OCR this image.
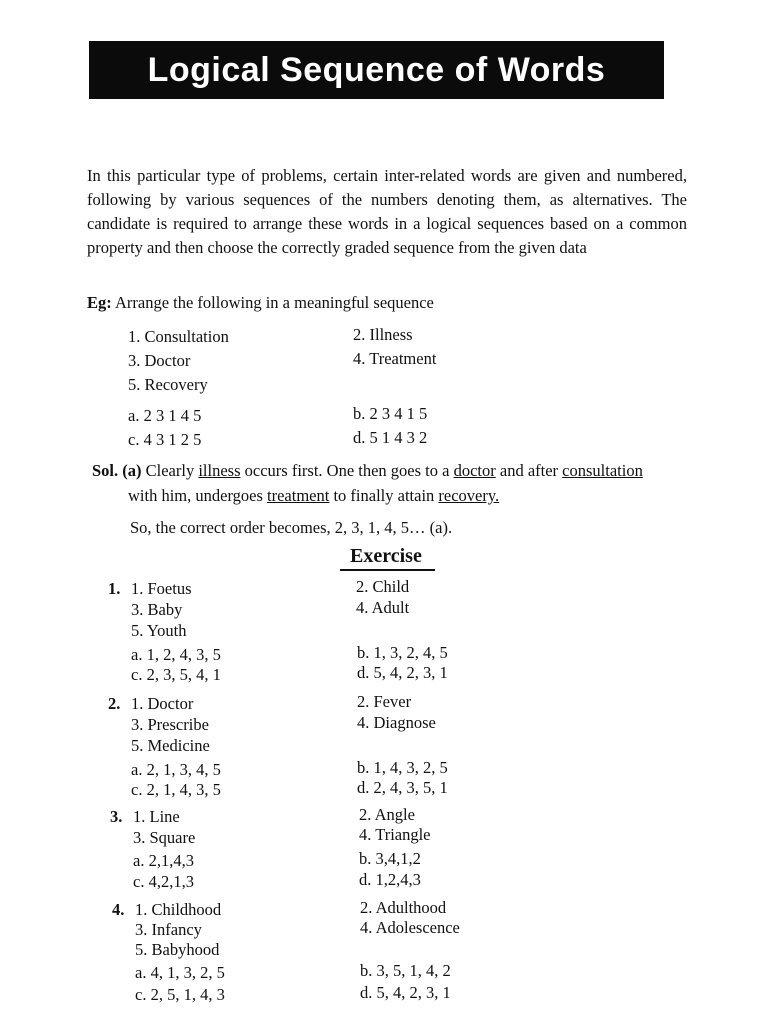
Logical Sequence of Words
In this particular type of problems, certain inter-related words are given and numbered, following by various sequences of the numbers denoting them, as alternatives. The candidate is required to arrange these words in a logical sequences based on a common property and then choose the correctly graded sequence from the given data
Eg: Arrange the following in a meaningful sequence
1. Consultation	2. Illness
3. Doctor	4. Treatment
5. Recovery
a. 2 3 1 4 5	b. 2 3 4 1 5
c. 4 3 1 2 5	d. 5 1 4 3 2
Sol. (a) Clearly illness occurs first. One then goes to a doctor and after consultation
with him, undergoes treatment to finally attain recovery.
So, the correct order becomes, 2, 3, 1, 4, 5… (a).
Exercise
1. 1. Foetus	2. Child
3. Baby	4. Adult
5. Youth
a. 1, 2, 4, 3, 5	b. 1, 3, 2, 4, 5
c. 2, 3, 5, 4, 1	d. 5, 4, 2, 3, 1
2. 1. Doctor	2. Fever
3. Prescribe	4. Diagnose
5. Medicine
a. 2, 1, 3, 4, 5	b. 1, 4, 3, 2, 5
c. 2, 1, 4, 3, 5	d. 2, 4, 3, 5, 1
3. 1. Line	2. Angle
3. Square	4. Triangle
a. 2,1,4,3	b. 3,4,1,2
c. 4,2,1,3	d. 1,2,4,3
4. 1. Childhood	2. Adulthood
3. Infancy	4. Adolescence
5. Babyhood
a. 4, 1, 3, 2, 5	b. 3, 5, 1, 4, 2
c. 2, 5, 1, 4, 3	d. 5, 4, 2, 3, 1
